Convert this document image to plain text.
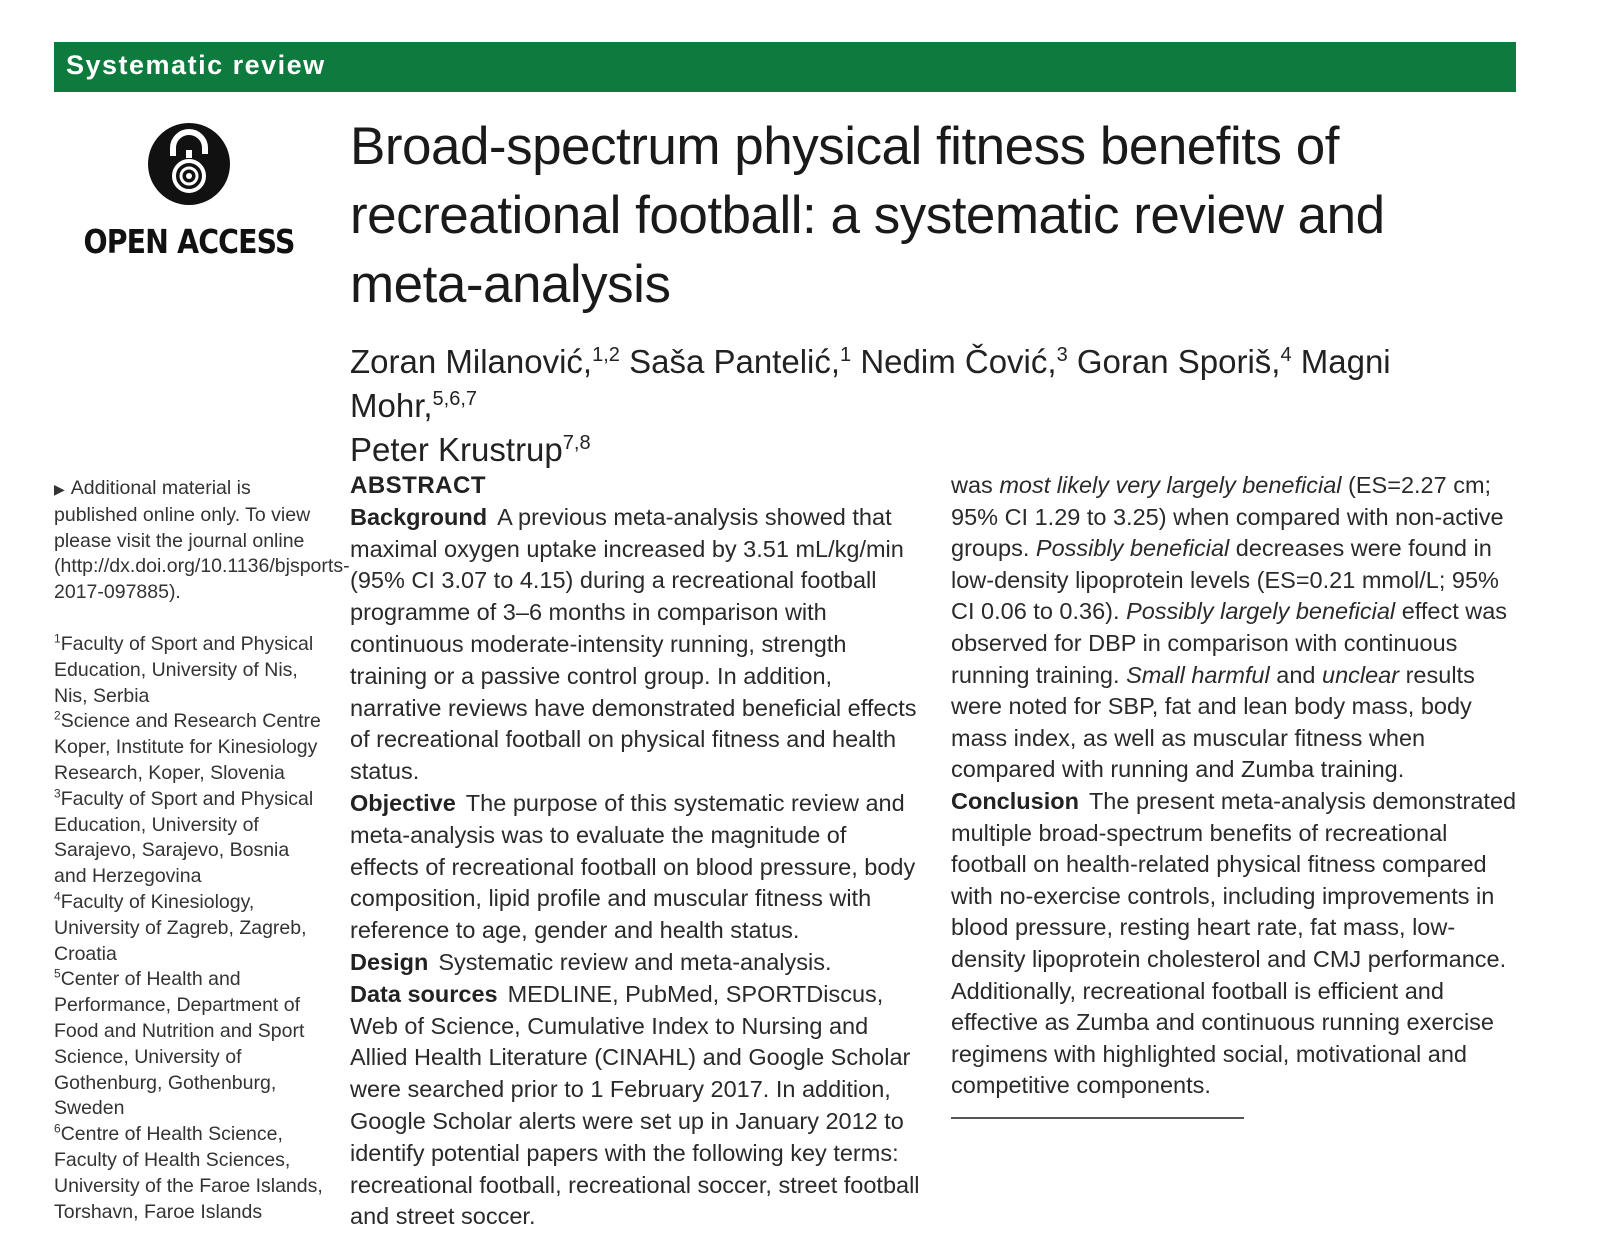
Systematic review
OPEN ACCESS
Broad-spectrum physical fitness benefits of recreational football: a systematic review and meta-analysis
Zoran Milanović,$^{1,2}$ Saša Pantelić,$^1$ Nedim Čović,$^3$ Goran Sporiš,$^4$ Magni Mohr,$^{5,6,7}$
Peter Krustrup$^{7,8}$

▶ Additional material is published online only. To view please visit the journal online (http://dx.doi.org/10.1136/bjsports-2017-097885).

$^1$Faculty of Sport and Physical Education, University of Nis, Nis, Serbia

$^2$Science and Research Centre Koper, Institute for Kinesiology Research, Koper, Slovenia

$^3$Faculty of Sport and Physical Education, University of Sarajevo, Sarajevo, Bosnia and Herzegovina

$^4$Faculty of Kinesiology, University of Zagreb, Zagreb, Croatia

$^5$Center of Health and Performance, Department of Food and Nutrition and Sport Science, University of Gothenburg, Gothenburg, Sweden

$^6$Centre of Health Science, Faculty of Health Sciences, University of the Faroe Islands, Torshavn, Faroe Islands

ABSTRACT

Background A previous meta-analysis showed that maximal oxygen uptake increased by 3.51 mL/kg/min (95% CI 3.07 to 4.15) during a recreational football programme of 3–6 months in comparison with continuous moderate-intensity running, strength training or a passive control group. In addition, narrative reviews have demonstrated beneficial effects of recreational football on physical fitness and health status.

Objective The purpose of this systematic review and meta-analysis was to evaluate the magnitude of effects of recreational football on blood pressure, body composition, lipid profile and muscular fitness with reference to age, gender and health status.

Design Systematic review and meta-analysis.

Data sources MEDLINE, PubMed, SPORTDiscus, Web of Science, Cumulative Index to Nursing and Allied Health Literature (CINAHL) and Google Scholar were searched prior to 1 February 2017. In addition, Google Scholar alerts were set up in January 2012 to identify potential papers with the following key terms: recreational football, recreational soccer, street football and street soccer.

was most likely very largely beneficial (ES=2.27 cm; 95% CI 1.29 to 3.25) when compared with non-active groups. Possibly beneficial decreases were found in low-density lipoprotein levels (ES=0.21 mmol/L; 95% CI 0.06 to 0.36). Possibly largely beneficial effect was observed for DBP in comparison with continuous running training. Small harmful and unclear results were noted for SBP, fat and lean body mass, body mass index, as well as muscular fitness when compared with running and Zumba training.

Conclusion The present meta-analysis demonstrated multiple broad-spectrum benefits of recreational football on health-related physical fitness compared with no-exercise controls, including improvements in blood pressure, resting heart rate, fat mass, low-density lipoprotein cholesterol and CMJ performance. Additionally, recreational football is efficient and effective as Zumba and continuous running exercise regimens with highlighted social, motivational and competitive components.
